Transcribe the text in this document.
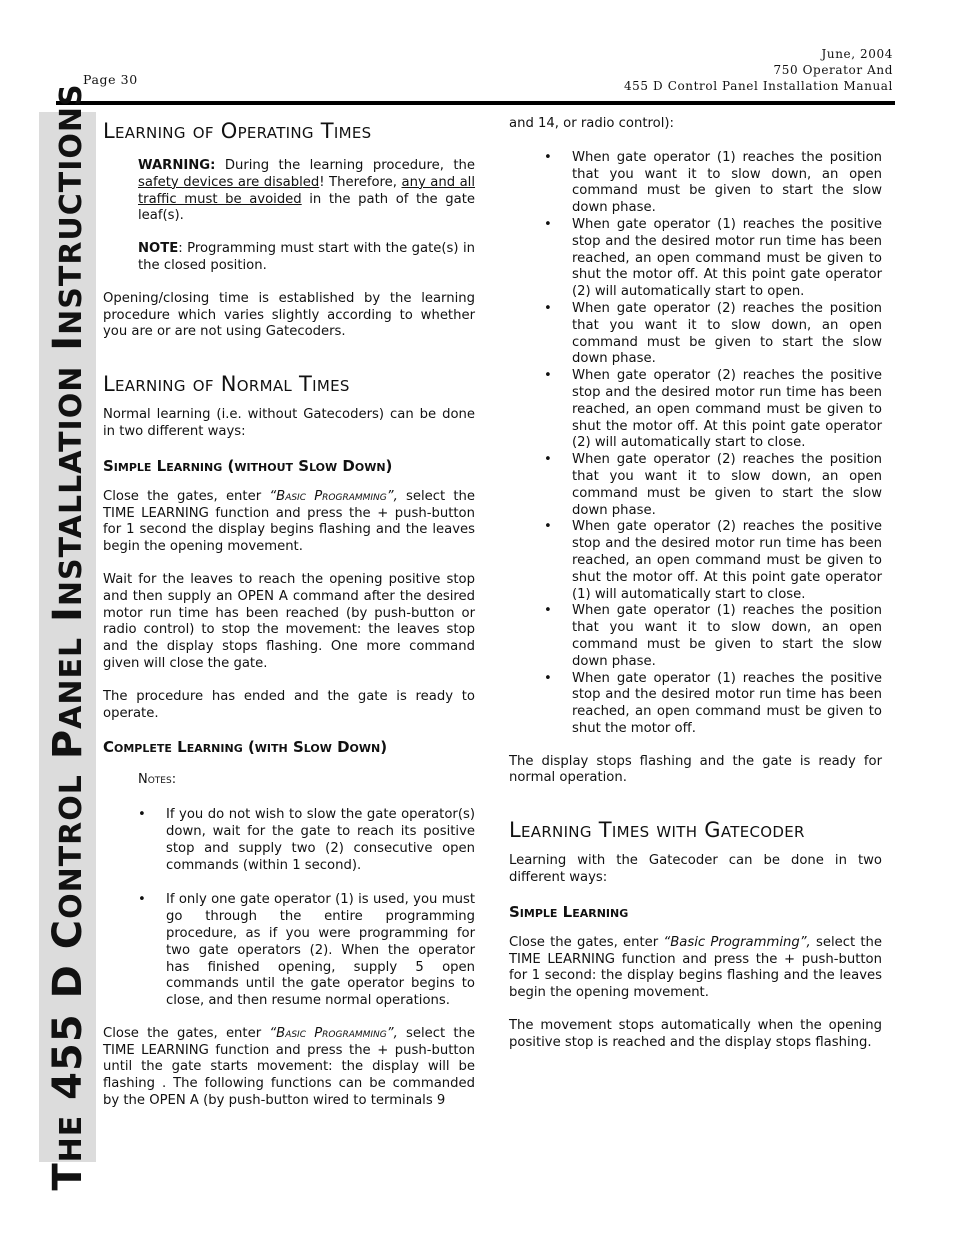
Page 30
June, 2004
750 Operator And
455 D Control Panel Installation Manual
THE 455 D CONTROL PANEL INSTALLATION INSTRUCTIONS Learning of Operating Times

WARNING: During the learning procedure, the safety devices are disabled! Therefore, any and all traffic must be avoided in the path of the gate leaf(s).

NOTE: Programming must start with the gate(s) in the closed position.

Opening/closing time is established by the learning procedure which varies slightly according to whether you are or are not using Gatecoders.

Learning of Normal Times

Normal learning (i.e. without Gatecoders) can be done in two different ways:

Simple Learning (without Slow Down)

Close the gates, enter “Basic Programming”, select the TIME LEARNING function and press the + push-button for 1 second the display begins flashing and the leaves begin the opening movement.

Wait for the leaves to reach the opening positive stop and then supply an OPEN A command after the desired motor run time has been reached (by push-button or radio control) to stop the movement: the leaves stop and the display stops flashing. One more command given will close the gate.

The procedure has ended and the gate is ready to operate.

Complete Learning (with Slow Down)

Notes:

• If you do not wish to slow the gate operator(s) down, wait for the gate to reach its positive stop and supply two (2) consecutive open commands (within 1 second).
• If only one gate operator (1) is used, you must go through the entire programming procedure, as if you were programming for two gate operators (2). When the operator has finished opening, supply 5 open commands until the gate operator begins to close, and then resume normal operations.

Close the gates, enter “Basic Programming”, select the TIME LEARNING function and press the + push-button until the gate starts movement: the display will be flashing . The following functions can be commanded by the OPEN A (by push-button wired to terminals 9

and 14, or radio control):

• When gate operator (1) reaches the position that you want it to slow down, an open command must be given to start the slow down phase.
• When gate operator (1) reaches the positive stop and the desired motor run time has been reached, an open command must be given to shut the motor off. At this point gate operator (2) will automatically start to open.
• When gate operator (2) reaches the position that you want it to slow down, an open command must be given to start the slow down phase.
• When gate operator (2) reaches the positive stop and the desired motor run time has been reached, an open command must be given to shut the motor off. At this point gate operator (2) will automatically start to close.
• When gate operator (2) reaches the position that you want it to slow down, an open command must be given to start the slow down phase.
• When gate operator (2) reaches the positive stop and the desired motor run time has been reached, an open command must be given to shut the motor off. At this point gate operator (1) will automatically start to close.
• When gate operator (1) reaches the position that you want it to slow down, an open command must be given to start the slow down phase.
• When gate operator (1) reaches the positive stop and the desired motor run time has been reached, an open command must be given to shut the motor off.

The display stops flashing and the gate is ready for normal operation.

Learning Times with Gatecoder

Learning with the Gatecoder can be done in two different ways:

Simple Learning

Close the gates, enter “Basic Programming”, select the TIME LEARNING function and press the + push-button for 1 second: the display begins flashing and the leaves begin the opening movement.

The movement stops automatically when the opening positive stop is reached and the display stops flashing.
